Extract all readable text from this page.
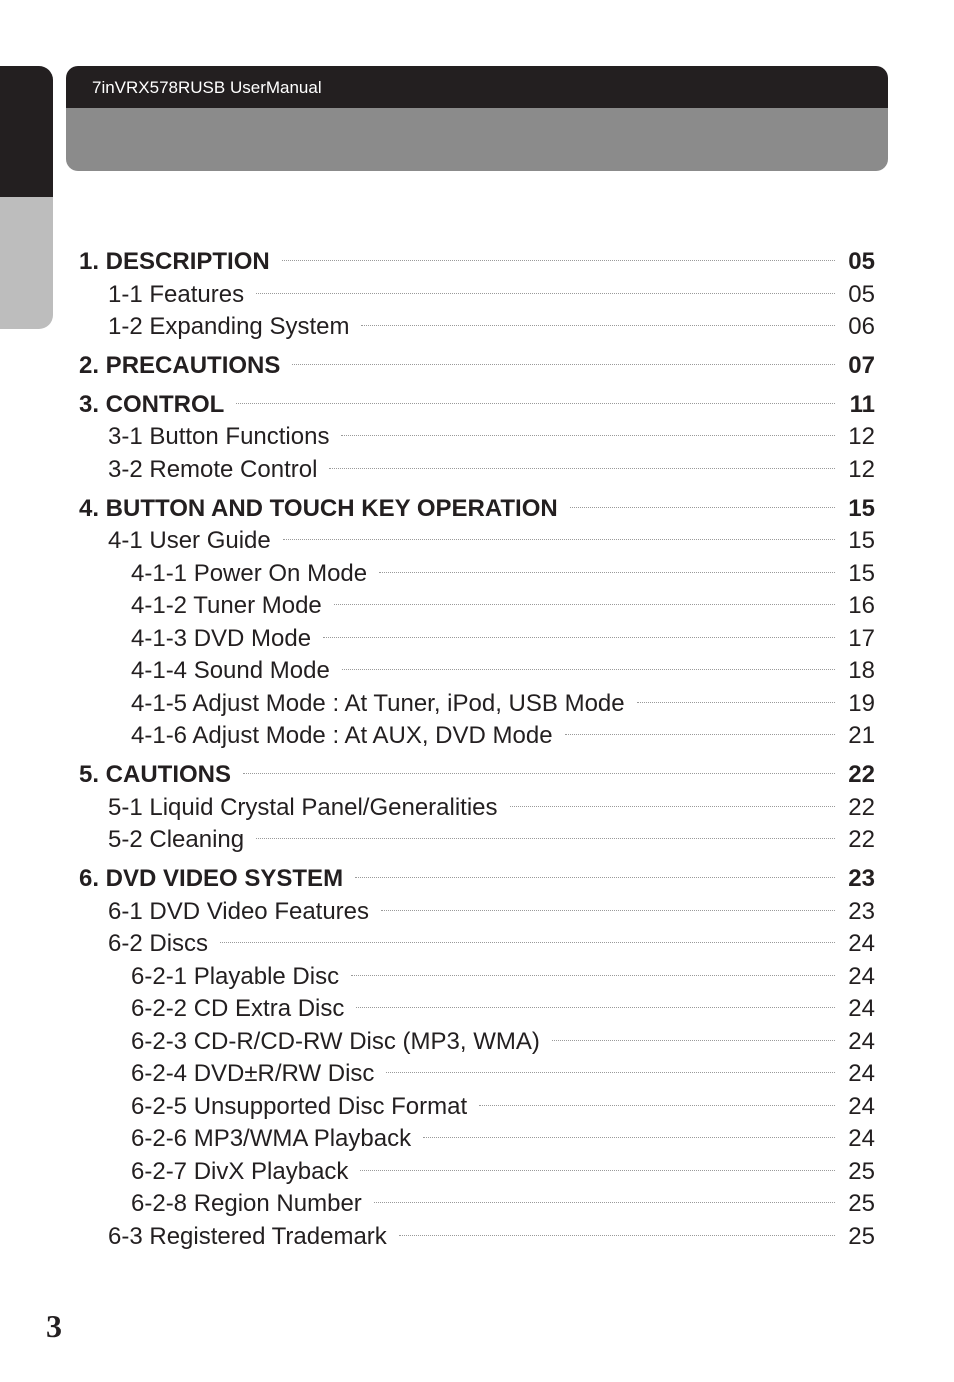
7inVRX578RUSB UserManual
1. DESCRIPTION	05
1-1 Features	05
1-2 Expanding System	06
2. PRECAUTIONS	07
3. CONTROL	11
3-1 Button Functions	12
3-2 Remote Control	12
4. BUTTON AND TOUCH KEY OPERATION	15
4-1 User Guide	15
4-1-1 Power On Mode	15
4-1-2 Tuner Mode	16
4-1-3 DVD Mode	17
4-1-4 Sound Mode	18
4-1-5 Adjust Mode : At Tuner, iPod, USB Mode	19
4-1-6 Adjust Mode : At AUX, DVD Mode	21
5. CAUTIONS	22
5-1 Liquid Crystal Panel/Generalities	22
5-2 Cleaning	22
6. DVD VIDEO SYSTEM	23
6-1 DVD Video Features	23
6-2 Discs	24
6-2-1 Playable Disc	24
6-2-2 CD Extra Disc	24
6-2-3 CD-R/CD-RW Disc (MP3, WMA)	24
6-2-4 DVD±R/RW Disc	24
6-2-5 Unsupported Disc Format	24
6-2-6 MP3/WMA Playback	24
6-2-7 DivX Playback	25
6-2-8 Region Number	25
6-3 Registered Trademark	25
3
